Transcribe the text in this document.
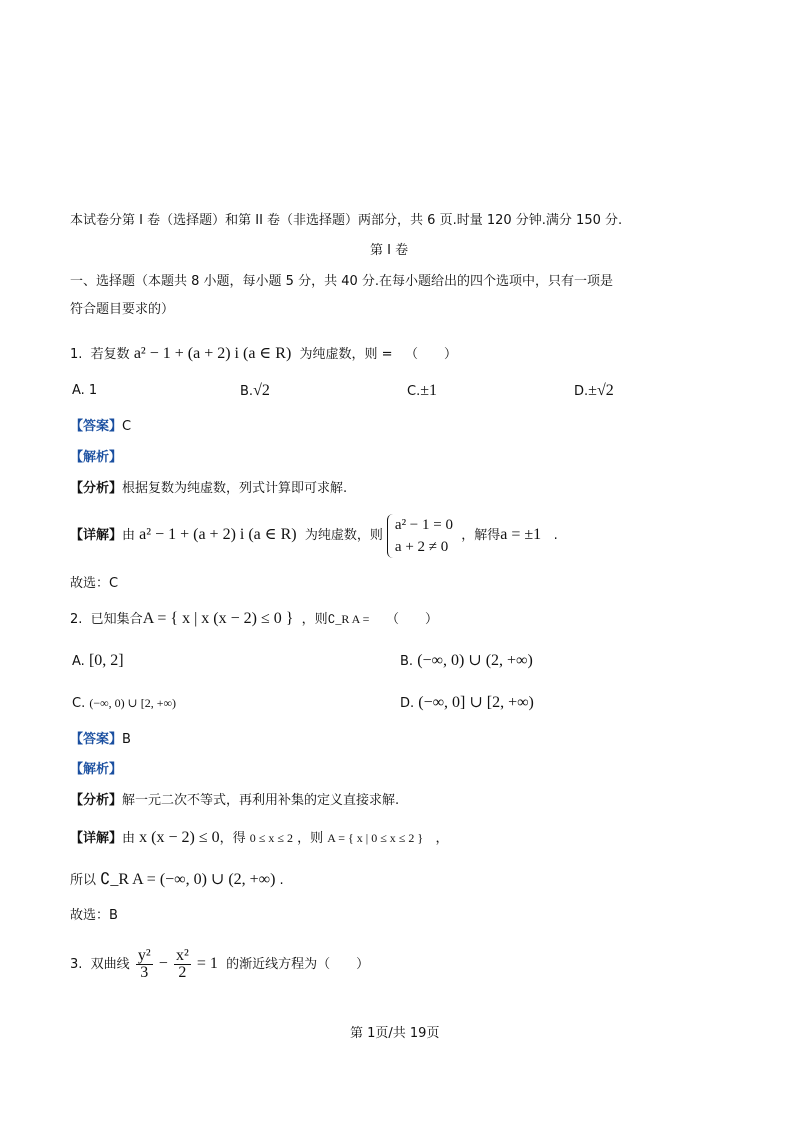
本试卷分第 I 卷（选择题）和第 II 卷（非选择题）两部分，共 6 页.时量 120 分钟.满分 150 分.
第 I 卷
一、选择题（本题共 8 小题，每小题 5 分，共 40 分.在每小题给出的四个选项中，只有一项是
符合题目要求的）
1. 若复数 a² − 1 + (a + 2) i (a ∈ R) 为纯虚数，则 = （　　）
A. 1	B.√2	C.±1	D.±√2
【答案】C
【解析】
【分析】根据复数为纯虚数，列式计算即可求解.
【详解】由 a² − 1 + (a + 2) i (a ∈ R) 为纯虚数，则
a² − 1 = 0
a + 2 ≠ 0
，解得a = ±1 .
故选：C
2. 已知集合A = { x | x (x − 2) ≤ 0 } ，则∁_R A = （　　）
A. [0, 2]	B. (−∞, 0) ∪ (2, +∞)
C. (−∞, 0) ∪ [2, +∞)	D. (−∞, 0] ∪ [2, +∞)
【答案】B
【解析】
【分析】解一元二次不等式，再利用补集的定义直接求解.
【详解】由 x (x − 2) ≤ 0，得 0 ≤ x ≤ 2 ，则 A = { x | 0 ≤ x ≤ 2 } ，
所以 ∁_R A = (−∞, 0) ∪ (2, +∞) .
故选：B
3. 双曲线 $\frac{\text{y²}}{3} - \frac{\text{x²}}{2} = 1$ 的渐近线方程为（　　）
第 1页/共 19页
